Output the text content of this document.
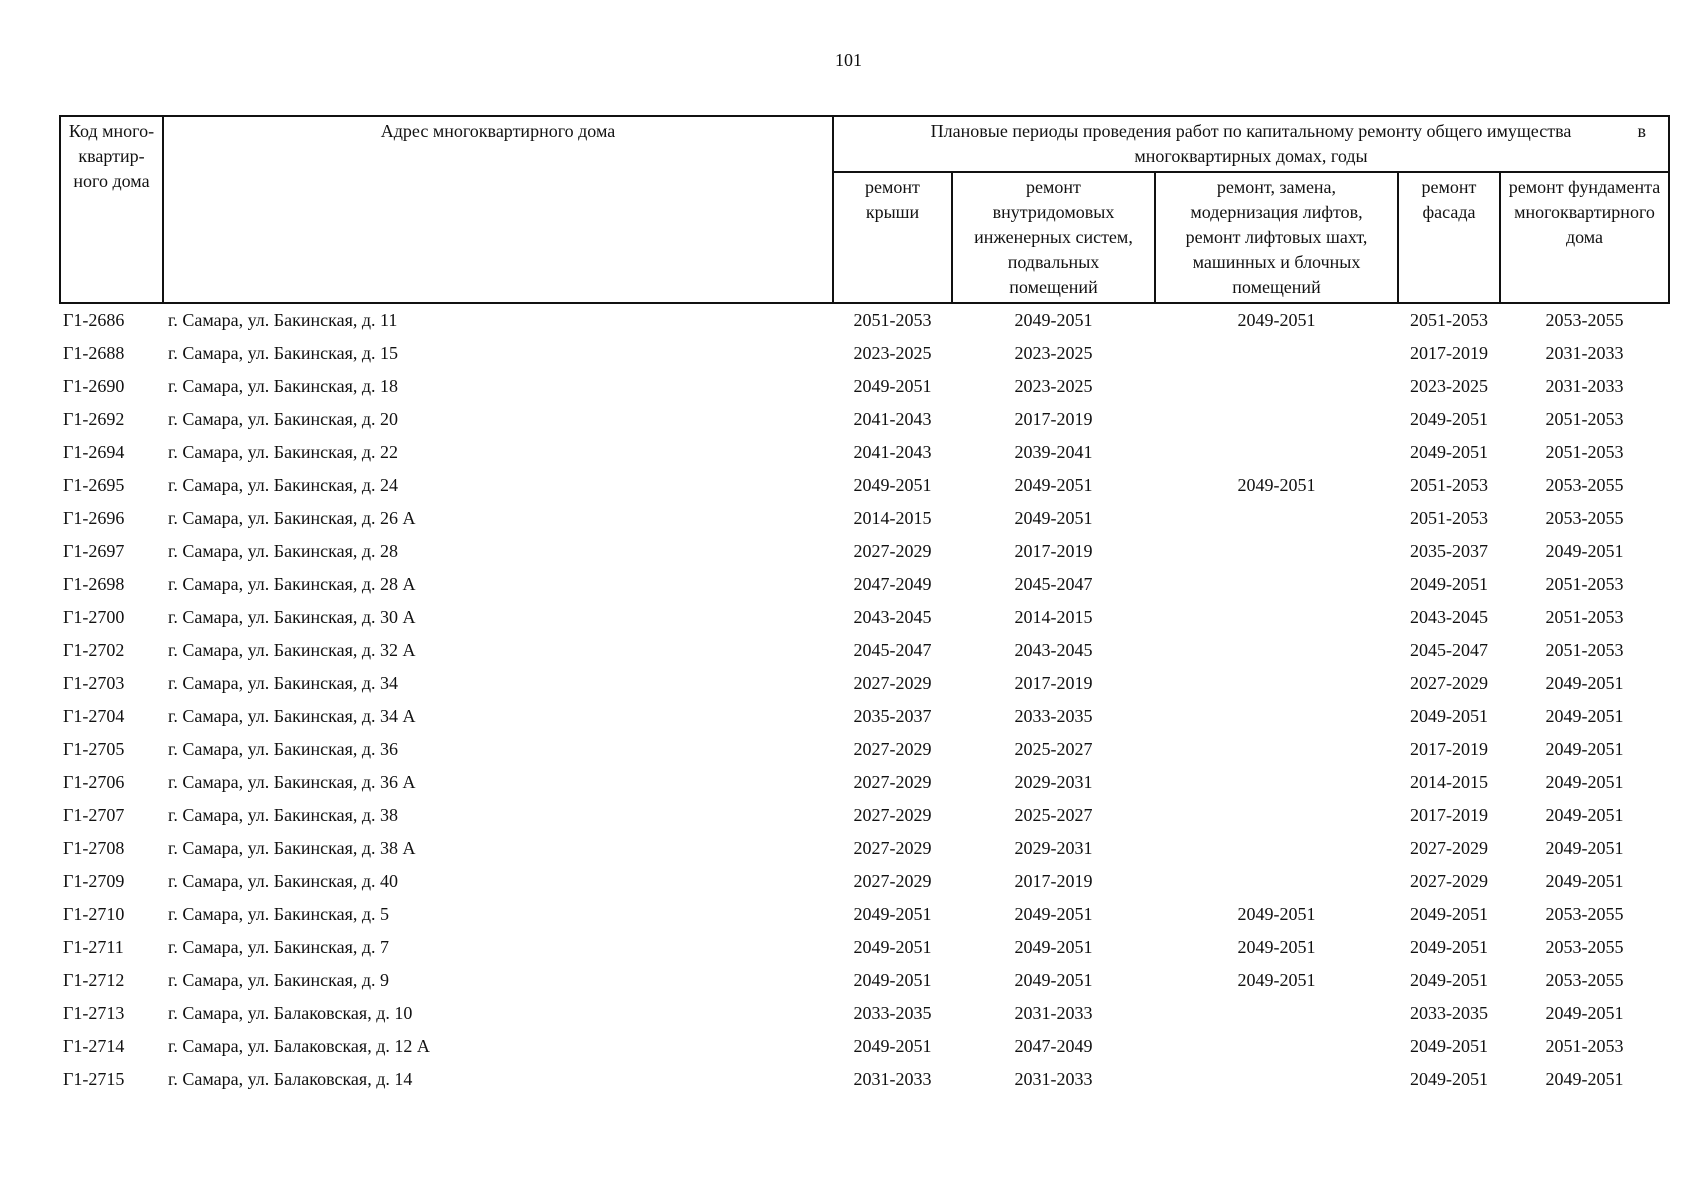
101
Код много-
квартир-
ного дома	Адрес многоквартирного дома	Плановые периоды проведения работ по капитальному ремонту общего имущества в

многоквартирных домах, годы				
		ремонт
крыши	ремонт
внутридомовых
инженерных систем,
подвальных
помещений	ремонт, замена,
модернизация лифтов,
ремонт лифтовых шахт,
машинных и блочных
помещений	ремонт
фасада	ремонт фундамента
многоквартирного
дома
Г1-2686	г. Самара, ул. Бакинская, д. 11	2051-2053	2049-2051	2049-2051	2051-2053	2053-2055
Г1-2688	г. Самара, ул. Бакинская, д. 15	2023-2025	2023-2025		2017-2019	2031-2033
Г1-2690	г. Самара, ул. Бакинская, д. 18	2049-2051	2023-2025		2023-2025	2031-2033
Г1-2692	г. Самара, ул. Бакинская, д. 20	2041-2043	2017-2019		2049-2051	2051-2053
Г1-2694	г. Самара, ул. Бакинская, д. 22	2041-2043	2039-2041		2049-2051	2051-2053
Г1-2695	г. Самара, ул. Бакинская, д. 24	2049-2051	2049-2051	2049-2051	2051-2053	2053-2055
Г1-2696	г. Самара, ул. Бакинская, д. 26 А	2014-2015	2049-2051		2051-2053	2053-2055
Г1-2697	г. Самара, ул. Бакинская, д. 28	2027-2029	2017-2019		2035-2037	2049-2051
Г1-2698	г. Самара, ул. Бакинская, д. 28 А	2047-2049	2045-2047		2049-2051	2051-2053
Г1-2700	г. Самара, ул. Бакинская, д. 30 А	2043-2045	2014-2015		2043-2045	2051-2053
Г1-2702	г. Самара, ул. Бакинская, д. 32 А	2045-2047	2043-2045		2045-2047	2051-2053
Г1-2703	г. Самара, ул. Бакинская, д. 34	2027-2029	2017-2019		2027-2029	2049-2051
Г1-2704	г. Самара, ул. Бакинская, д. 34 А	2035-2037	2033-2035		2049-2051	2049-2051
Г1-2705	г. Самара, ул. Бакинская, д. 36	2027-2029	2025-2027		2017-2019	2049-2051
Г1-2706	г. Самара, ул. Бакинская, д. 36 А	2027-2029	2029-2031		2014-2015	2049-2051
Г1-2707	г. Самара, ул. Бакинская, д. 38	2027-2029	2025-2027		2017-2019	2049-2051
Г1-2708	г. Самара, ул. Бакинская, д. 38 А	2027-2029	2029-2031		2027-2029	2049-2051
Г1-2709	г. Самара, ул. Бакинская, д. 40	2027-2029	2017-2019		2027-2029	2049-2051
Г1-2710	г. Самара, ул. Бакинская, д. 5	2049-2051	2049-2051	2049-2051	2049-2051	2053-2055
Г1-2711	г. Самара, ул. Бакинская, д. 7	2049-2051	2049-2051	2049-2051	2049-2051	2053-2055
Г1-2712	г. Самара, ул. Бакинская, д. 9	2049-2051	2049-2051	2049-2051	2049-2051	2053-2055
Г1-2713	г. Самара, ул. Балаковская, д. 10	2033-2035	2031-2033		2033-2035	2049-2051
Г1-2714	г. Самара, ул. Балаковская, д. 12 А	2049-2051	2047-2049		2049-2051	2051-2053
Г1-2715	г. Самара, ул. Балаковская, д. 14	2031-2033	2031-2033		2049-2051	2049-2051
